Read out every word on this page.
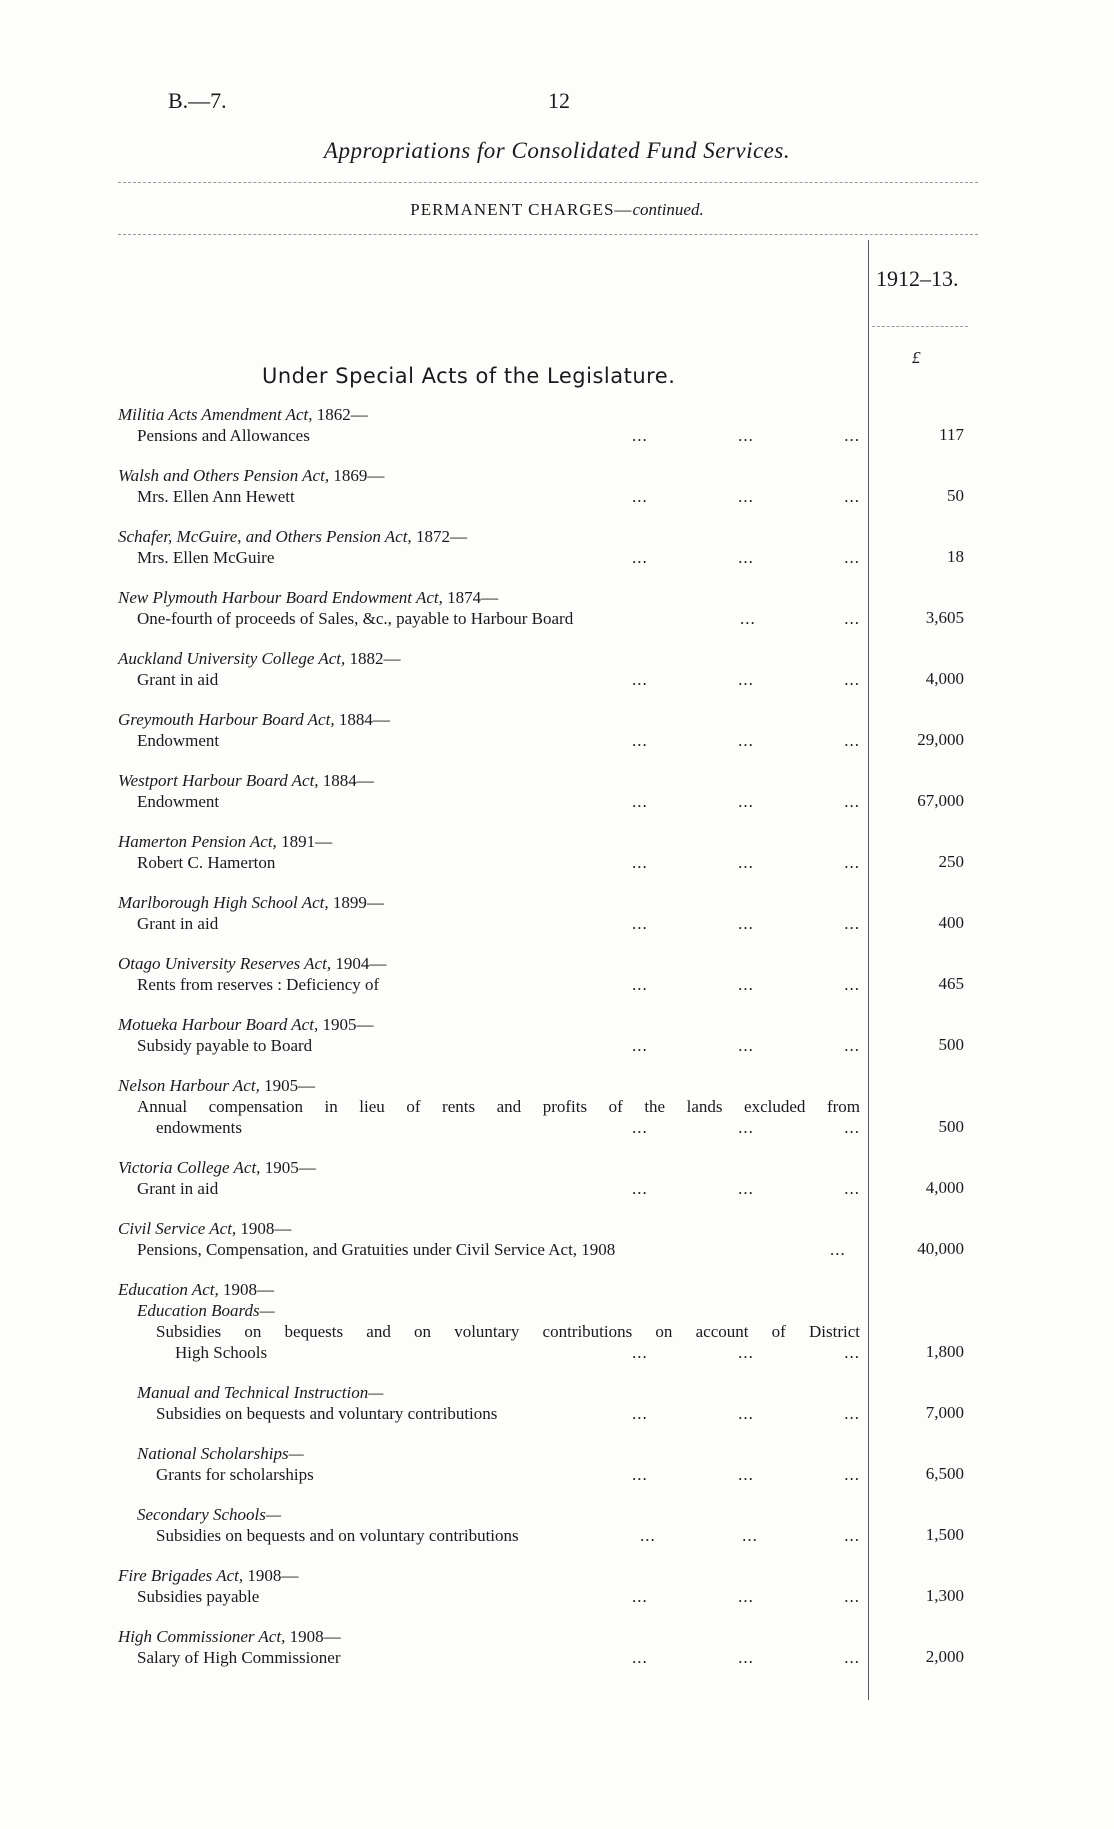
B.—7.	12
Appropriations for Consolidated Fund Services.
PERMANENT CHARGES—continued.
1912–13.
£
Under Special Acts of the Legislature.
Militia Acts Amendment Act, 1862—
Pensions and Allowances	...	...	...	117
Walsh and Others Pension Act, 1869—
Mrs. Ellen Ann Hewett	...	...	...	50
Schafer, McGuire, and Others Pension Act, 1872—
Mrs. Ellen McGuire	...	...	...	18
New Plymouth Harbour Board Endowment Act, 1874—
One-fourth of proceeds of Sales, &c., payable to Harbour Board	...	...	3,605
Auckland University College Act, 1882—
Grant in aid	...	...	...	4,000
Greymouth Harbour Board Act, 1884—
Endowment	...	...	...	29,000
Westport Harbour Board Act, 1884—
Endowment	...	...	...	67,000
Hamerton Pension Act, 1891—
Robert C. Hamerton	...	...	...	250
Marlborough High School Act, 1899—
Grant in aid	...	...	...	400
Otago University Reserves Act, 1904—
Rents from reserves : Deficiency of	...	...	...	465
Motueka Harbour Board Act, 1905—
Subsidy payable to Board	...	...	...	500
Nelson Harbour Act, 1905—
Annual compensation in lieu of rents and profits of the lands excluded from
endowments	...	...	...	500
Victoria College Act, 1905—
Grant in aid	...	...	...	4,000
Civil Service Act, 1908—
Pensions, Compensation, and Gratuities under Civil Service Act, 1908	...	40,000
Education Act, 1908—
Education Boards—
Subsidies on bequests and on voluntary contributions on account of District
High Schools	...	...	...	1,800
Manual and Technical Instruction—
Subsidies on bequests and voluntary contributions	...	...	...	7,000
National Scholarships—
Grants for scholarships	...	...	...	6,500
Secondary Schools—
Subsidies on bequests and on voluntary contributions	...	...	...	1,500
Fire Brigades Act, 1908—
Subsidies payable	...	...	...	1,300
High Commissioner Act, 1908—
Salary of High Commissioner	...	...	...	2,000
